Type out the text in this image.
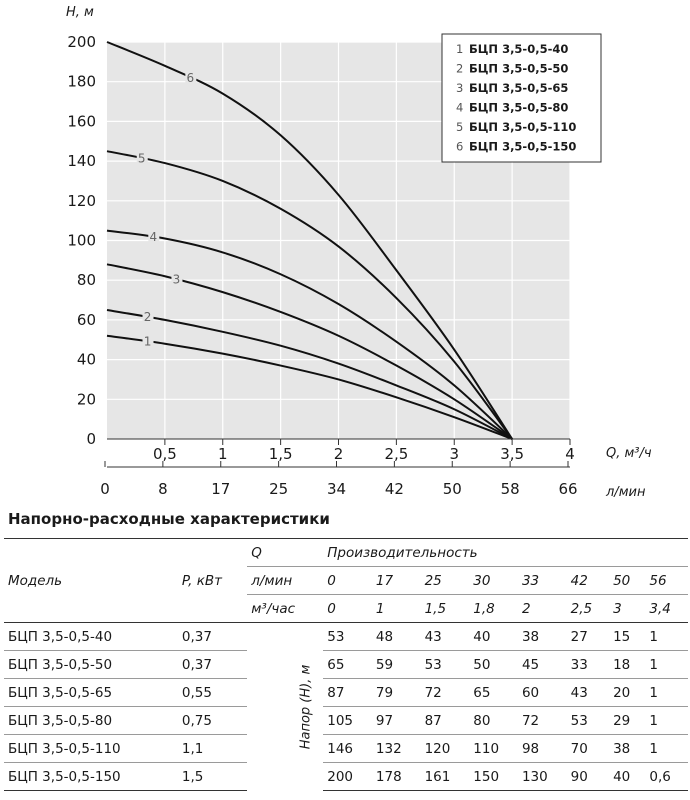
0
20
40
60
80
100
120
140
160
180
200
0,5	1	1,5	2	2,5	3	3,5	4
0	8	17	25	34	42	50	58	66
1
2
3
4
5
6
H, м
Q, м³/ч
л/мин
1 БЦП 3,5-0,5-40
2 БЦП 3,5-0,5-50
3 БЦП 3,5-0,5-65
4 БЦП 3,5-0,5-80
5 БЦП 3,5-0,5-110
6 БЦП 3,5-0,5-150
Напорно-расходные характеристики
Модель	P, кВт	Q		Производительность							
		л/мин		0	17	25	30	33	42	50	56
		м³/час		0	1	1,5	1,8	2	2,5	3	3,4
БЦП 3,5-0,5-40	0,37		Напор (H), м	53	48	43	40	38	27	15	1
БЦП 3,5-0,5-50	0,37			65	59	53	50	45	33	18	1
БЦП 3,5-0,5-65	0,55			87	79	72	65	60	43	20	1
БЦП 3,5-0,5-80	0,75			105	97	87	80	72	53	29	1
БЦП 3,5-0,5-110	1,1			146	132	120	110	98	70	38	1
БЦП 3,5-0,5-150	1,5			200	178	161	150	130	90	40	0,6
